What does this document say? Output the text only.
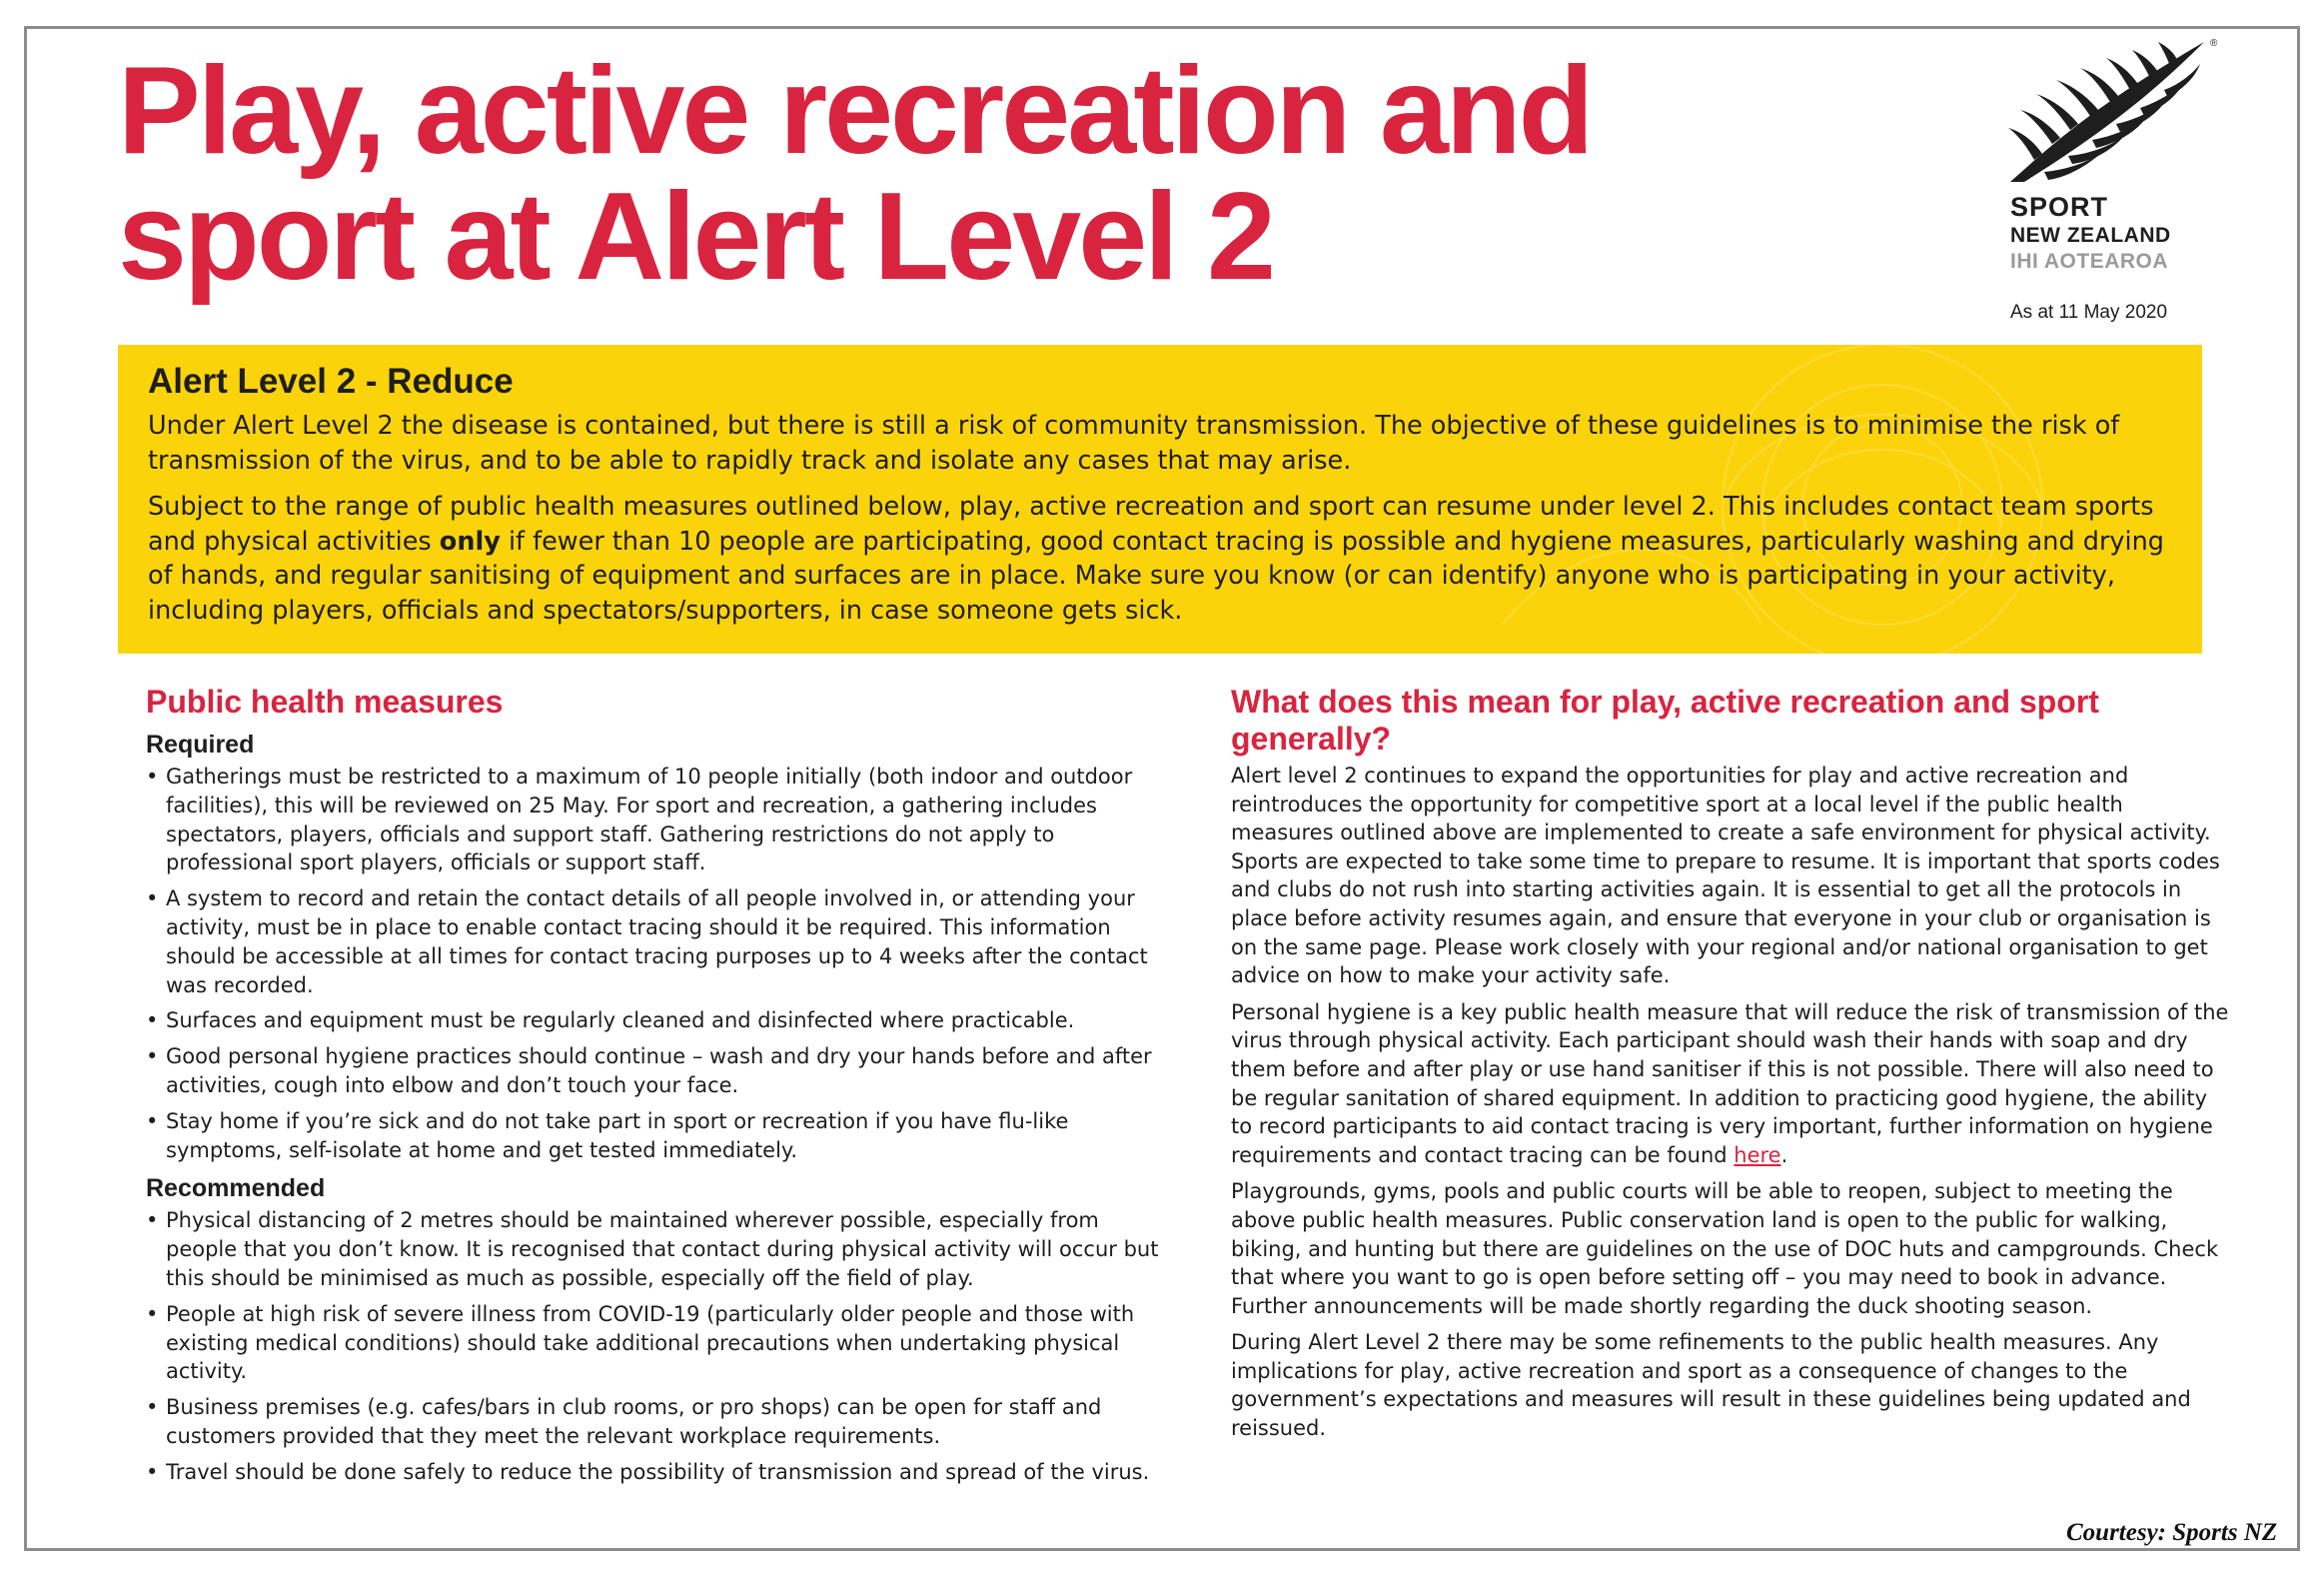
Play, active recreation and sport at Alert Level 2
®
SPORT
NEW ZEALAND
IHI AOTEAROA
As at 11 May 2020
Alert Level 2 - Reduce

Under Alert Level 2 the disease is contained, but there is still a risk of community transmission. The objective of these guidelines is to minimise the risk of transmission of the virus, and to be able to rapidly track and isolate any cases that may arise.

Subject to the range of public health measures outlined below, play, active recreation and sport can resume under level 2. This includes contact team sports and physical activities only if fewer than 10 people are participating, good contact tracing is possible and hygiene measures, particularly washing and drying of hands, and regular sanitising of equipment and surfaces are in place. Make sure you know (or can identify) anyone who is participating in your activity, including players, officials and spectators/supporters, in case someone gets sick.

Public health measures
Required
• Gatherings must be restricted to a maximum of 10 people initially (both indoor and outdoor facilities), this will be reviewed on 25 May. For sport and recreation, a gathering includes spectators, players, officials and support staff. Gathering restrictions do not apply to professional sport players, officials or support staff.
• A system to record and retain the contact details of all people involved in, or attending your activity, must be in place to enable contact tracing should it be required. This information should be accessible at all times for contact tracing purposes up to 4 weeks after the contact was recorded.
• Surfaces and equipment must be regularly cleaned and disinfected where practicable.
• Good personal hygiene practices should continue – wash and dry your hands before and after activities, cough into elbow and don’t touch your face.
• Stay home if you’re sick and do not take part in sport or recreation if you have flu-like symptoms, self-isolate at home and get tested immediately.
Recommended
• Physical distancing of 2 metres should be maintained wherever possible, especially from people that you don’t know. It is recognised that contact during physical activity will occur but this should be minimised as much as possible, especially off the field of play.
• People at high risk of severe illness from COVID-19 (particularly older people and those with existing medical conditions) should take additional precautions when undertaking physical activity.
• Business premises (e.g. cafes/bars in club rooms, or pro shops) can be open for staff and customers provided that they meet the relevant workplace requirements.
• Travel should be done safely to reduce the possibility of transmission and spread of the virus.
What does this mean for play, active recreation and sport generally?

Alert level 2 continues to expand the opportunities for play and active recreation and reintroduces the opportunity for competitive sport at a local level if the public health measures outlined above are implemented to create a safe environment for physical activity. Sports are expected to take some time to prepare to resume. It is important that sports codes and clubs do not rush into starting activities again. It is essential to get all the protocols in place before activity resumes again, and ensure that everyone in your club or organisation is on the same page. Please work closely with your regional and/or national organisation to get advice on how to make your activity safe.

Personal hygiene is a key public health measure that will reduce the risk of transmission of the virus through physical activity. Each participant should wash their hands with soap and dry them before and after play or use hand sanitiser if this is not possible. There will also need to be regular sanitation of shared equipment. In addition to practicing good hygiene, the ability to record participants to aid contact tracing is very important, further information on hygiene requirements and contact tracing can be found here.

Playgrounds, gyms, pools and public courts will be able to reopen, subject to meeting the above public health measures. Public conservation land is open to the public for walking, biking, and hunting but there are guidelines on the use of DOC huts and campgrounds. Check that where you want to go is open before setting off – you may need to book in advance. Further announcements will be made shortly regarding the duck shooting season.

During Alert Level 2 there may be some refinements to the public health measures. Any implications for play, active recreation and sport as a consequence of changes to the government’s expectations and measures will result in these guidelines being updated and reissued.

Courtesy: Sports NZ
